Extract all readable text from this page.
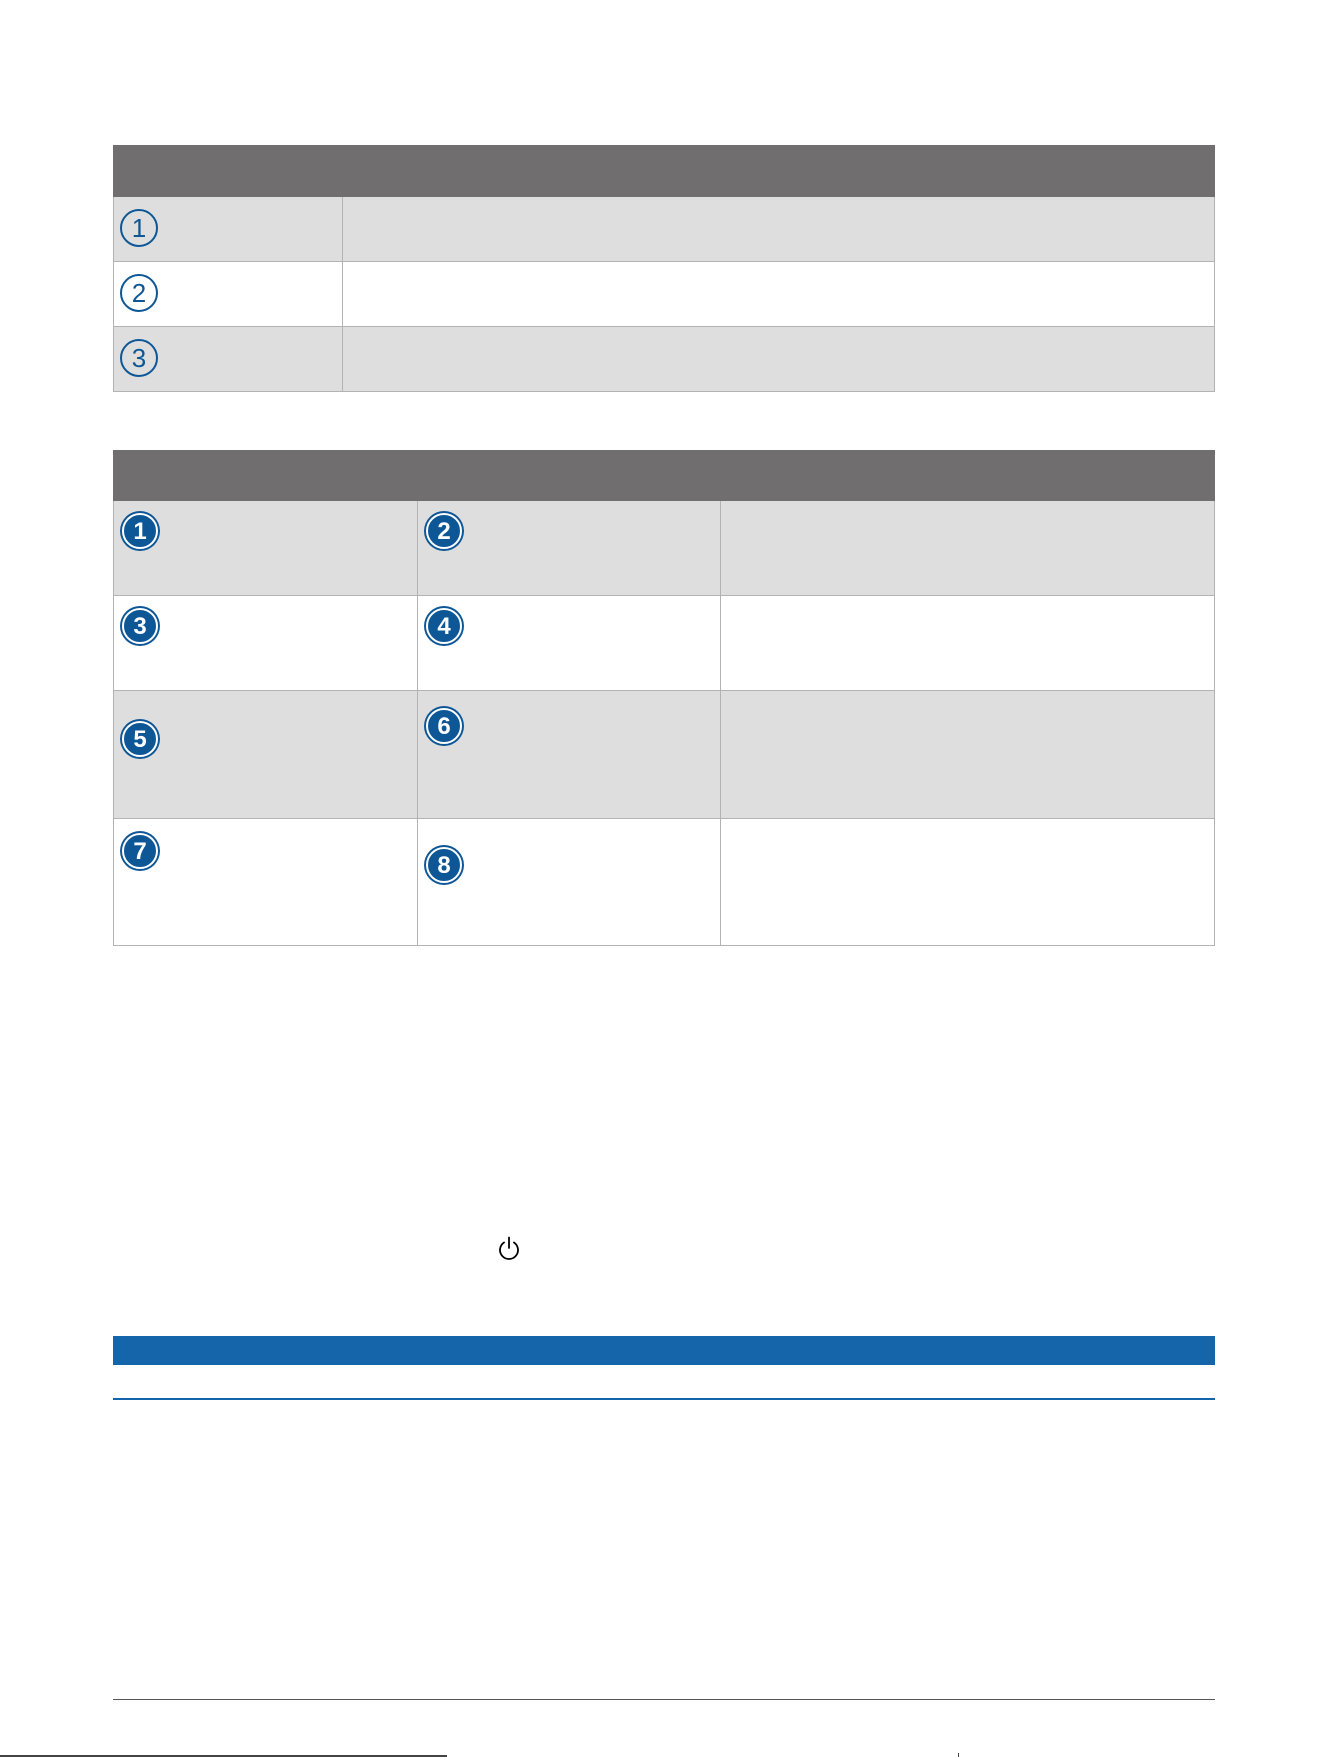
1	
2	
3	

1	2	
3	4	
5	6	
7	8	
